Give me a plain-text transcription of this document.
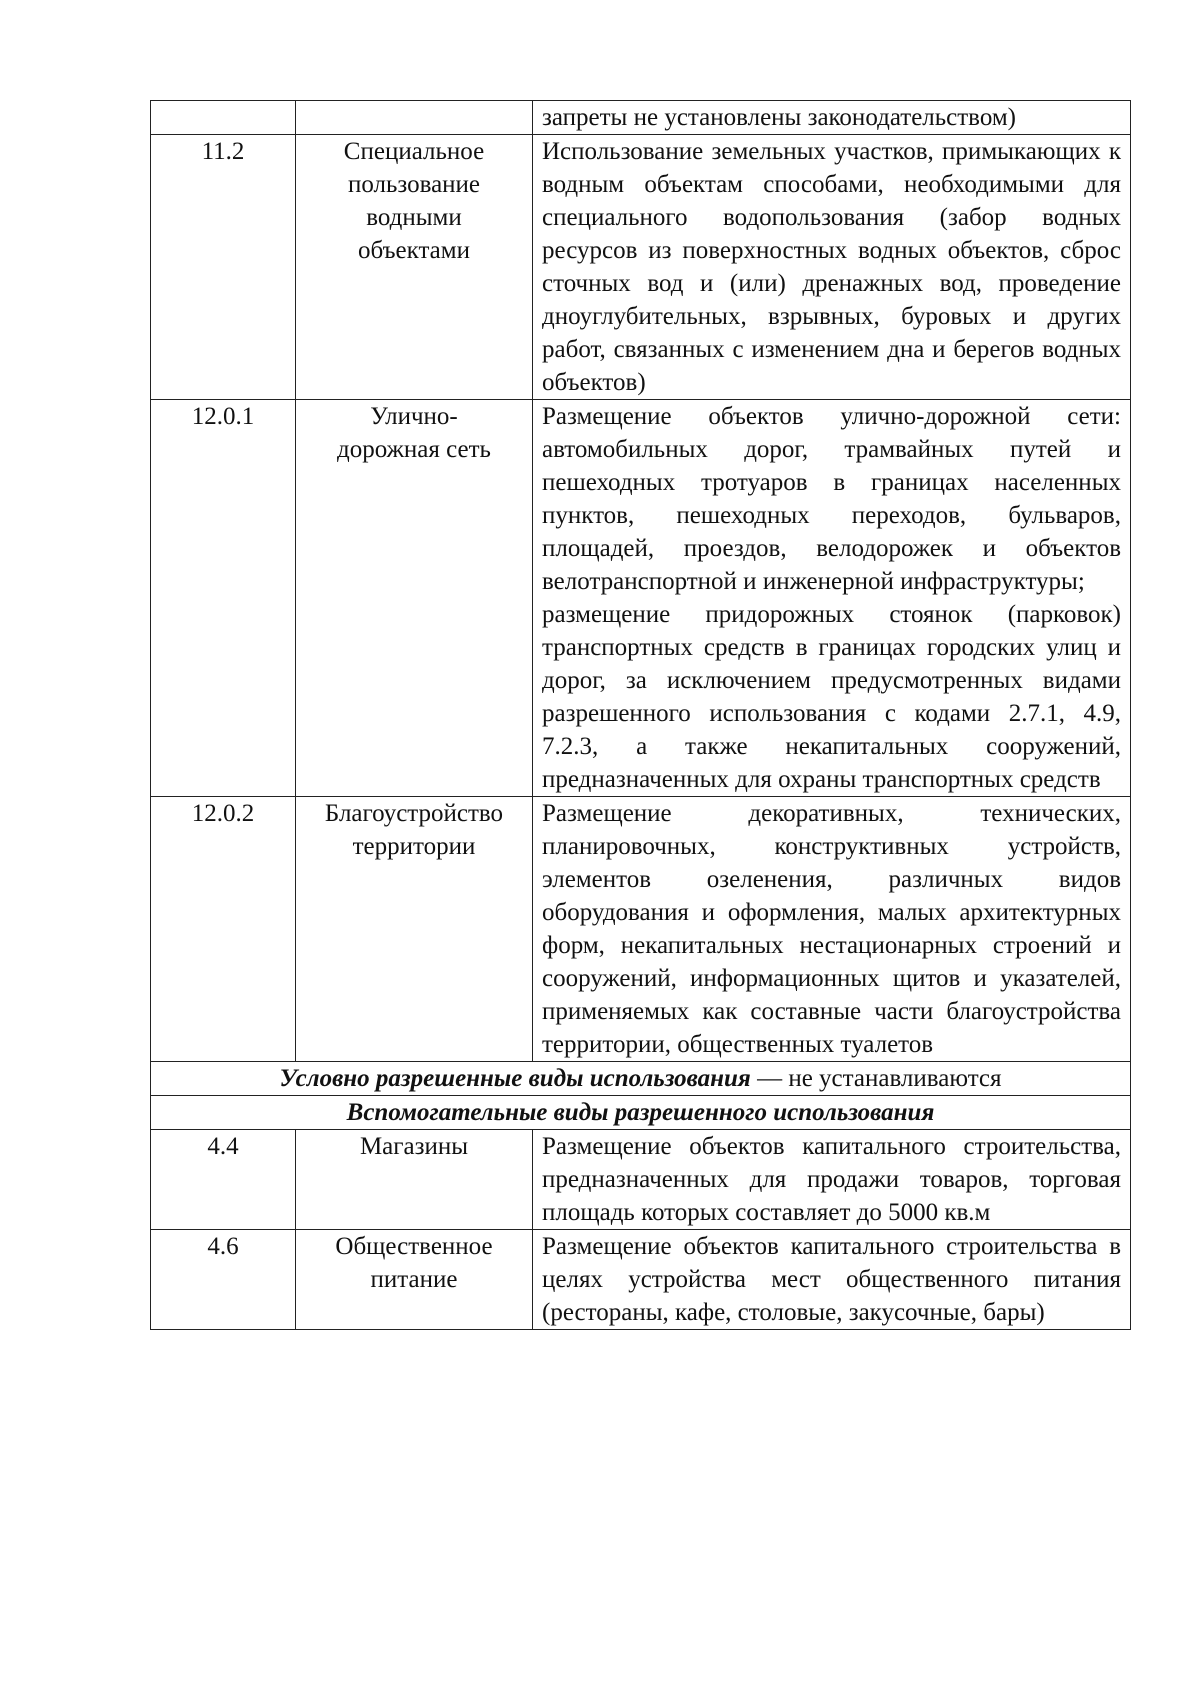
		запреты не установлены законодательством)
11.2	Специальное пользование водными объектами	Использование земельных участков, примыкающих к водным объектам способами, необходимыми для специального водопользования (забор водных ресурсов из поверхностных водных объектов, сброс сточных вод и (или) дренажных вод, проведение дноуглубительных, взрывных, буровых и других работ, связанных с изменением дна и берегов водных объектов)
12.0.1	Улично-дорожная сеть	Размещение объектов улично-дорожной сети: автомобильных дорог, трамвайных путей и пешеходных тротуаров в границах населенных пунктов, пешеходных переходов, бульваров, площадей, проездов, велодорожек и объектов велотранспортной и инженерной инфраструктуры;
размещение придорожных стоянок (парковок) транспортных средств в границах городских улиц и дорог, за исключением предусмотренных видами разрешенного использования с кодами 2.7.1, 4.9, 7.2.3, а также некапитальных сооружений, предназначенных для охраны транспортных средств

12.0.2	Благоустройство территории	Размещение декоративных, технических, планировочных, конструктивных устройств, элементов озеленения, различных видов оборудования и оформления, малых архитектурных форм, некапитальных нестационарных строений и сооружений, информационных щитов и указателей, применяемых как составные части благоустройства территории, общественных туалетов
Условно разрешенные виды использования — не устанавливаются		
Вспомогательные виды разрешенного использования		
4.4	Магазины	Размещение объектов капитального строительства, предназначенных для продажи товаров, торговая площадь которых составляет до 5000 кв.м
4.6	Общественное питание	Размещение объектов капитального строительства в целях устройства мест общественного питания (рестораны, кафе, столовые, закусочные, бары)
